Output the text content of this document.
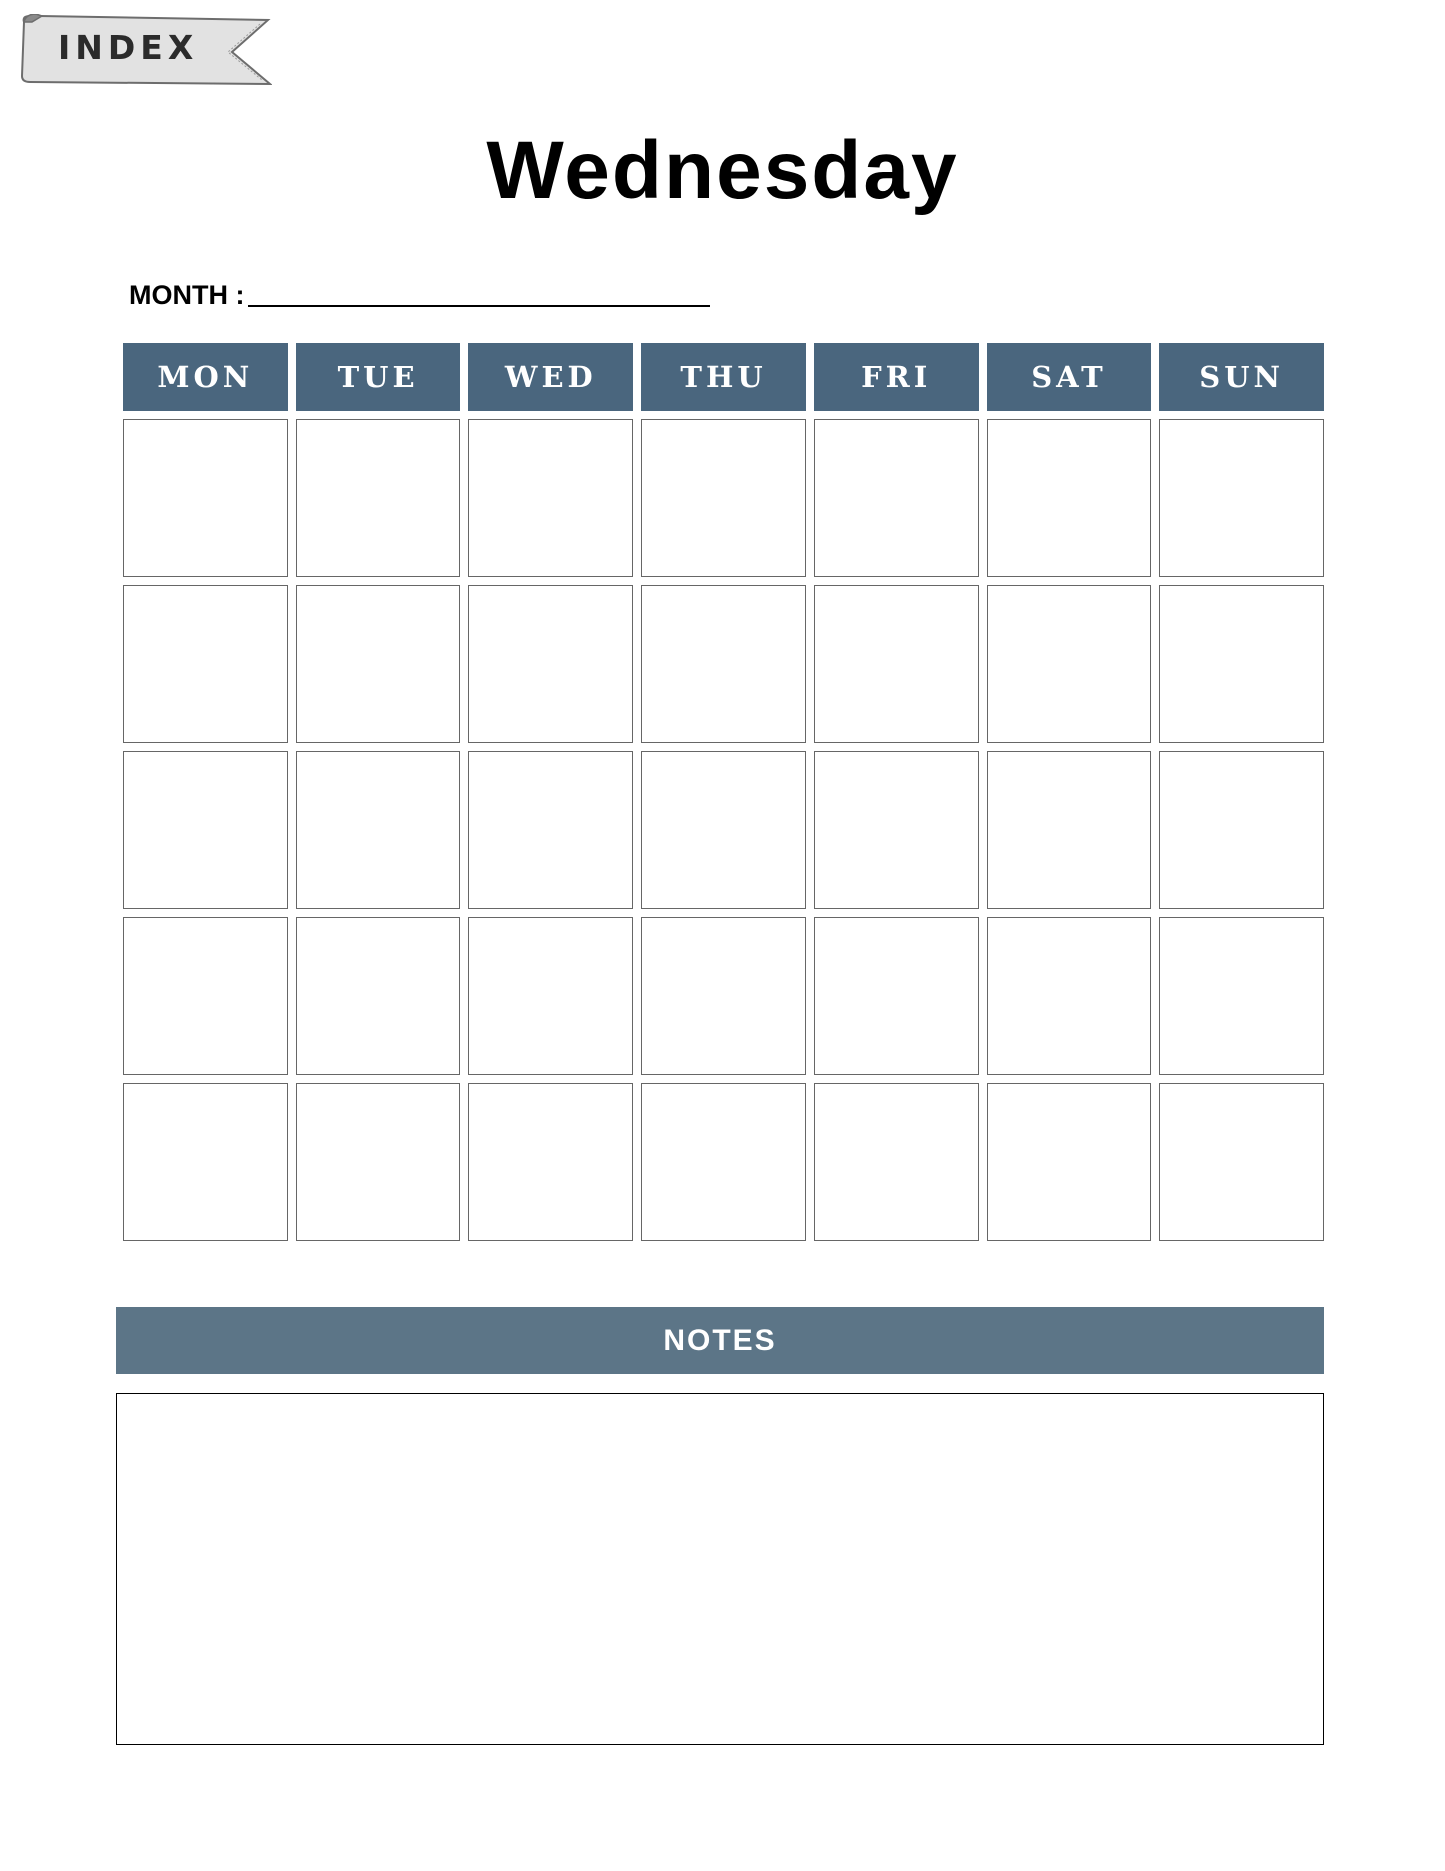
INDEX
Wednesday
MONTH :
MON	TUE	WED	THU	FRI	SAT	SUN
NOTES
